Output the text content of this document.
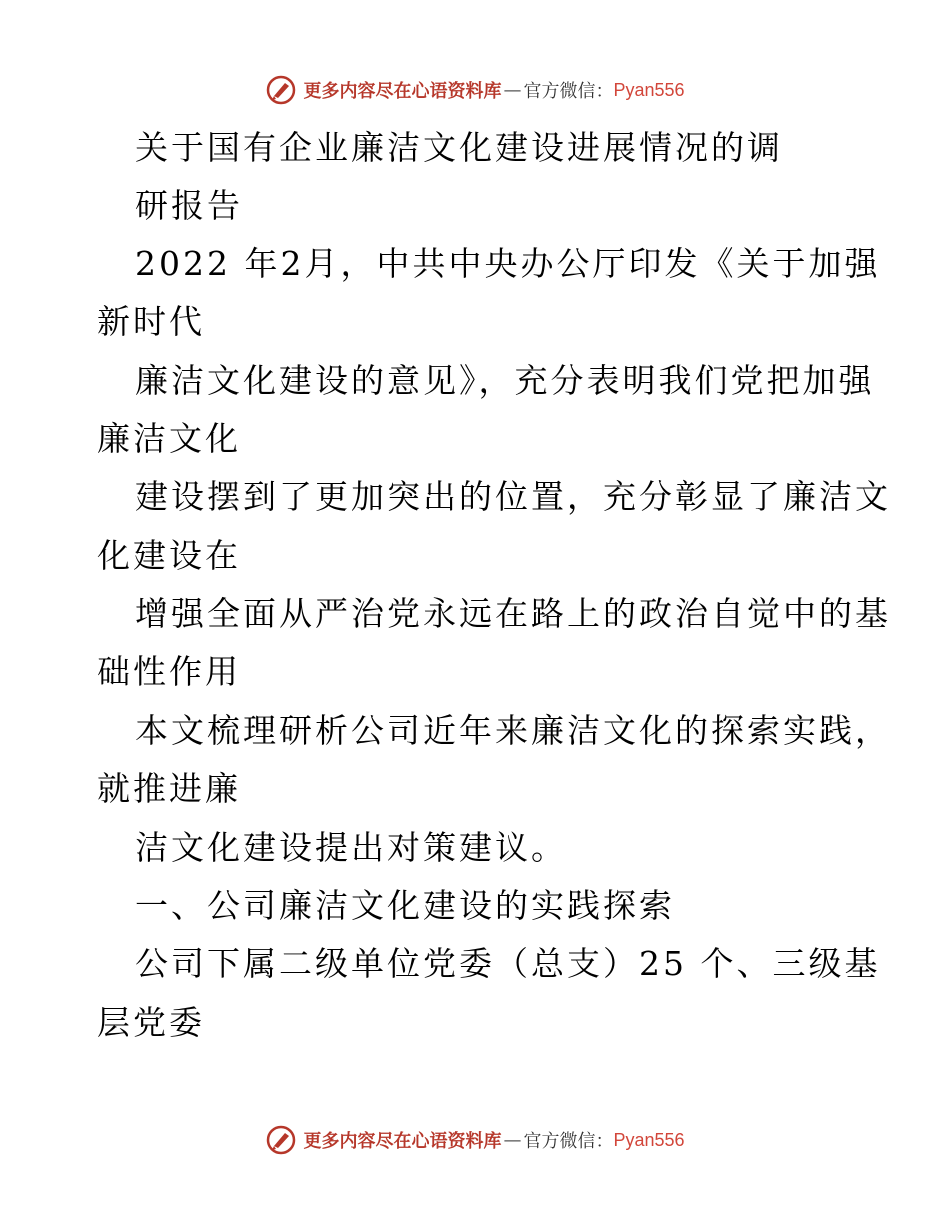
更多内容尽在心语资料库 — 官方微信： Pyan556
关于国有企业廉洁文化建设进展情况的调
研报告
2022 年2月，中共中央办公厅印发《关于加强
新时代
廉洁文化建设的意见》，充分表明我们党把加强
廉洁文化
建设摆到了更加突出的位置，充分彰显了廉洁文
化建设在
增强全面从严治党永远在路上的政治自觉中的基
础性作用
本文梳理研析公司近年来廉洁文化的探索实践，
就推进廉
洁文化建设提出对策建议。
一、公司廉洁文化建设的实践探索
公司下属二级单位党委（总支）25 个、三级基
层党委
更多内容尽在心语资料库 — 官方微信： Pyan556
